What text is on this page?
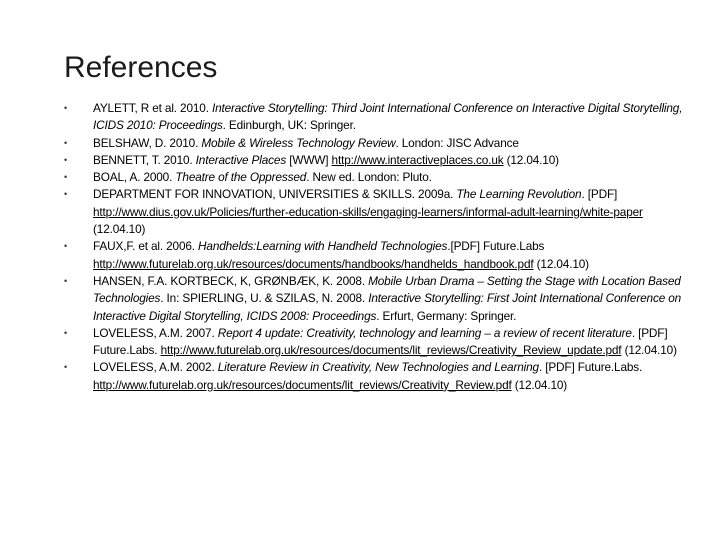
References
•	AYLETT, R et al. 2010. Interactive Storytelling: Third Joint International Conference on Interactive Digital Storytelling, ICIDS 2010: Proceedings. Edinburgh, UK: Springer.
•	BELSHAW, D. 2010. Mobile & Wireless Technology Review. London: JISC Advance
•	BENNETT, T. 2010. Interactive Places [WWW] http://www.interactiveplaces.co.uk (12.04.10)
•	BOAL, A. 2000. Theatre of the Oppressed. New ed. London: Pluto.
•	DEPARTMENT FOR INNOVATION, UNIVERSITIES & SKILLS. 2009a. The Learning Revolution. [PDF] http://www.dius.gov.uk/Policies/further-education-skills/engaging-learners/informal-adult-learning/white-paper (12.04.10)
•	FAUX,F. et al. 2006. Handhelds:Learning with Handheld Technologies.[PDF] Future.Labs http://www.futurelab.org.uk/resources/documents/handbooks/handhelds_handbook.pdf (12.04.10)
•	HANSEN, F.A. KORTBECK, K, GRØNBÆK, K. 2008. Mobile Urban Drama – Setting the Stage with Location Based Technologies. In: SPIERLING, U. & SZILAS, N. 2008. Interactive Storytelling: First Joint International Conference on Interactive Digital Storytelling, ICIDS 2008: Proceedings. Erfurt, Germany: Springer.
•	LOVELESS, A.M. 2007. Report 4 update: Creativity, technology and learning – a review of recent literature. [PDF] Future.Labs. http://www.futurelab.org.uk/resources/documents/lit_reviews/Creativity_Review_update.pdf (12.04.10)
•	LOVELESS, A.M. 2002. Literature Review in Creativity, New Technologies and Learning. [PDF] Future.Labs. http://www.futurelab.org.uk/resources/documents/lit_reviews/Creativity_Review.pdf (12.04.10)
